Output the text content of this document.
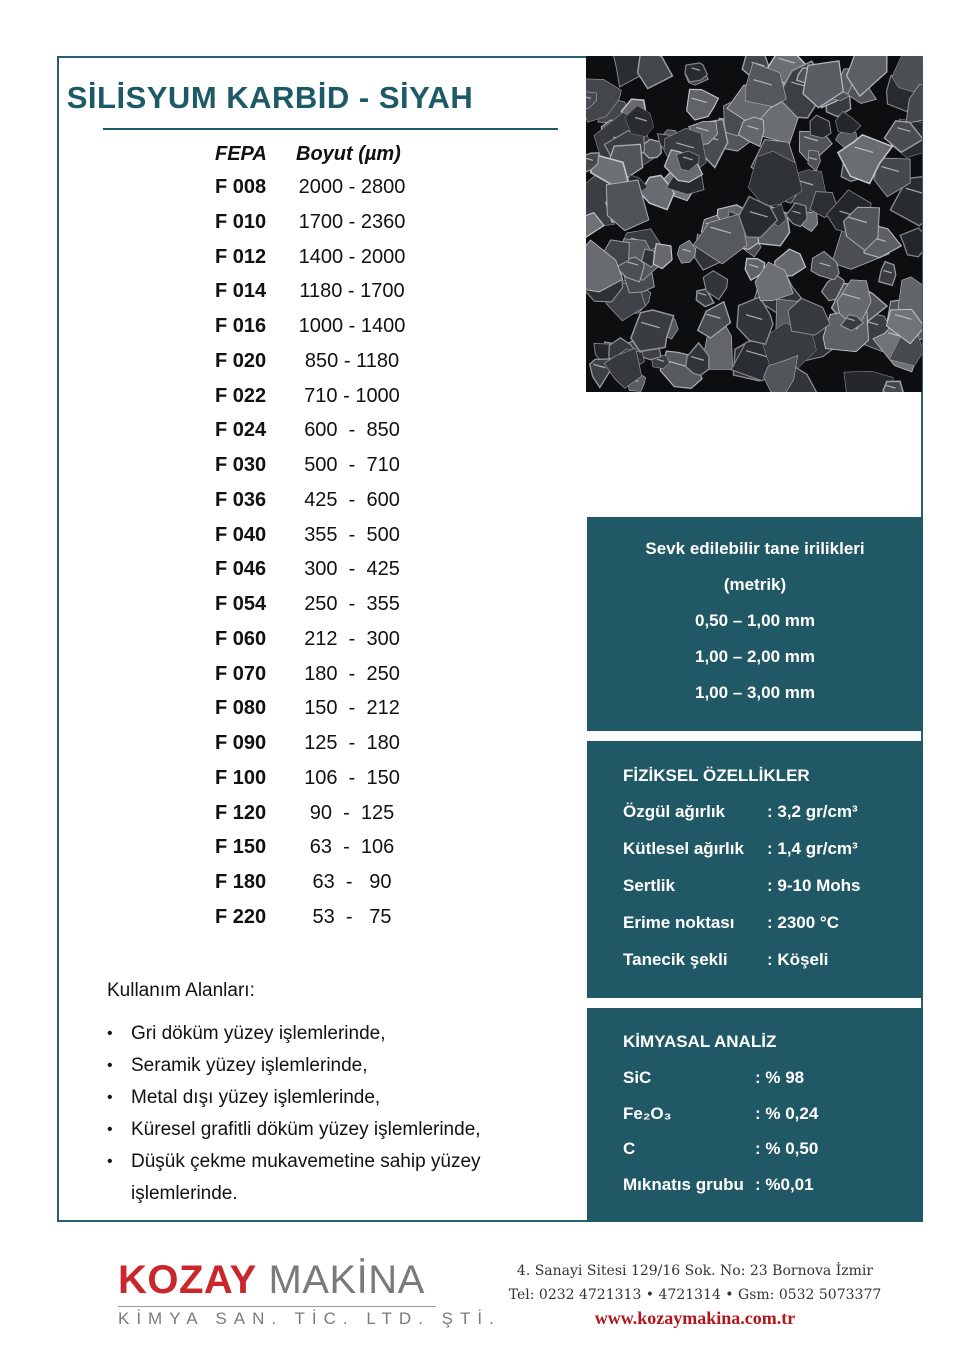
SİLİSYUM KARBİD - SİYAH
FEPA Boyut (µm)
F 008 2000 - 2800
F 010 1700 - 2360
F 012 1400 - 2000
F 014 1180 - 1700
F 016 1000 - 1400
F 020	850 - 1180
F 022	710 - 1000
F 024	600  -  850
F 030	500  -  710
F 036	425  -  600
F 040	355  -  500
F 046	300  -  425
F 054	250  -  355
F 060	212  -  300
F 070	180  -  250
F 080	150  -  212
F 090	125  -  180
F 100	106  -  150
F 120	90  -  125
F 150	63  -  106
F 180	63  -   90
F 220	53  -   75
Kullanım Alanları:
• Gri döküm yüzey işlemlerinde,
• Seramik yüzey işlemlerinde,
• Metal dışı yüzey işlemlerinde,
• Küresel grafitli döküm yüzey işlemlerinde,
• Düşük çekme mukavemetine sahip yüzey işlemlerinde.
Sevk edilebilir tane irilikleri
(metrik)
0,50 – 1,00 mm
1,00 – 2,00 mm
1,00 – 3,00 mm
FİZİKSEL ÖZELLİKLER
Özgül ağırlık : 3,2 gr/cm³
Kütlesel ağırlık : 1,4 gr/cm³
Sertlik	: 9-10 Mohs
Erime noktası : 2300 °C
Tanecik şekli : Köşeli
KİMYASAL ANALİZ
SiC	: % 98
Fe₂O₃	: % 0,24
C	: % 0,50
Mıknatıs grubu : %0,01
KOZAY MAKİNA
KİMYA SAN. TİC. LTD. ŞTİ.
4. Sanayi Sitesi 129/16 Sok. No: 23 Bornova İzmir
Tel: 0232 4721313 • 4721314 • Gsm: 0532 5073377
www.kozaymakina.com.tr
